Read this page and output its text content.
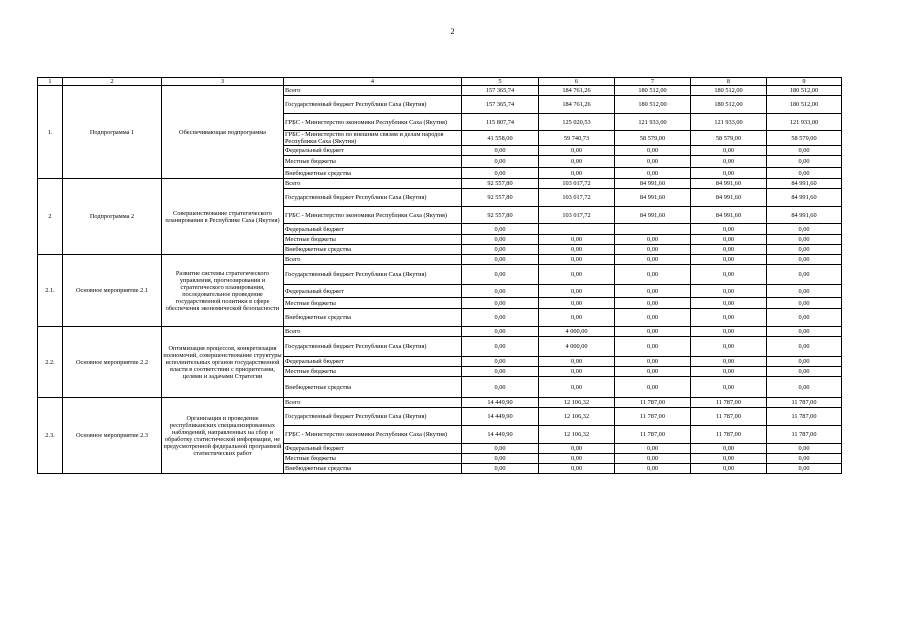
2
1	2	3	4	5	6	7	8	9
1.	Подпрограмма 1	Обеспечивающая подпрограмма	Всего	157 365,74	184 761,26	180 512,00	180 512,00	180 512,00
			Государственный бюджет Республики Саха (Якутия)	157 365,74	184 761,26	180 512,00	180 512,00	180 512,00
			ГРБС - Министерство экономики Республики Саха (Якутия)	115 807,74	125 020,53	121 933,00	121 933,00	121 933,00
			ГРБС - Министерство по внешним связям и делам народов Республики Саха (Якутия)	41 558,00	59 740,73	58 579,00	58 579,00	58 579,00
			Федеральный бюджет	0,00	0,00	0,00	0,00	0,00
			Местные бюджеты	0,00	0,00	0,00	0,00	0,00
			Внебюджетные средства	0,00	0,00	0,00	0,00	0,00
2	Подпрограмма 2	Совершенствование стратегического планирования в Республике Саха (Якутия)	Всего	92 557,80	103 017,72	84 991,60	84 991,60	84 991,60
			Государственный бюджет Республики Саха (Якутия)	92 557,80	103 017,72	84 991,60	84 991,60	84 991,60
			ГРБС - Министерство экономики Республики Саха (Якутия)	92 557,80	103 017,72	84 991,60	84 991,60	84 991,60
			Федеральный бюджет	0,00			0,00	0,00
			Местные бюджеты	0,00	0,00	0,00	0,00	0,00
			Внебюджетные средства	0,00	0,00	0,00	0,00	0,00
2.1.	Основное мероприятие 2.1	Развитие системы стратегического управления, прогнозирования и стратегического планирования, последовательное проведение государственной политики в сфере обеспечения экономической безопасности	Всего	0,00	0,00	0,00	0,00	0,00
			Государственный бюджет Республики Саха (Якутия)	0,00	0,00	0,00	0,00	0,00
			Федеральный бюджет	0,00	0,00	0,00	0,00	0,00
			Местные бюджеты	0,00	0,00	0,00	0,00	0,00
			Внебюджетные средства	0,00	0,00	0,00	0,00	0,00
2.2.	Основное мероприятие 2.2	Оптимизация процессов, конкретизация полномочий, совершенствование структуры исполнительных органов государственной власти в соответствии с приоритетами, целями и задачами Стратегии	Всего	0,00	4 000,00	0,00	0,00	0,00
			Государственный бюджет Республики Саха (Якутия)	0,00	4 000,00	0,00	0,00	0,00
			Федеральный бюджет	0,00	0,00	0,00	0,00	0,00
			Местные бюджеты	0,00	0,00	0,00	0,00	0,00
			Внебюджетные средства	0,00	0,00	0,00	0,00	0,00
2.3.	Основное мероприятие 2.3	Организация и проведение республиканских специализированных наблюдений, направленных на сбор и обработку статистической информации, не предусмотренной федеральной программой статистических работ	Всего	14 449,90	12 106,32	11 787,00	11 787,00	11 787,00
			Государственный бюджет Республики Саха (Якутия)	14 449,90	12 106,32	11 787,00	11 787,00	11 787,00
			ГРБС - Министерство экономики Республики Саха (Якутия)	14 449,90	12 106,32	11 787,00	11 787,00	11 787,00
			Федеральный бюджет	0,00	0,00	0,00	0,00	0,00
			Местные бюджеты	0,00	0,00	0,00	0,00	0,00
			Внебюджетные средства	0,00	0,00	0,00	0,00	0,00
